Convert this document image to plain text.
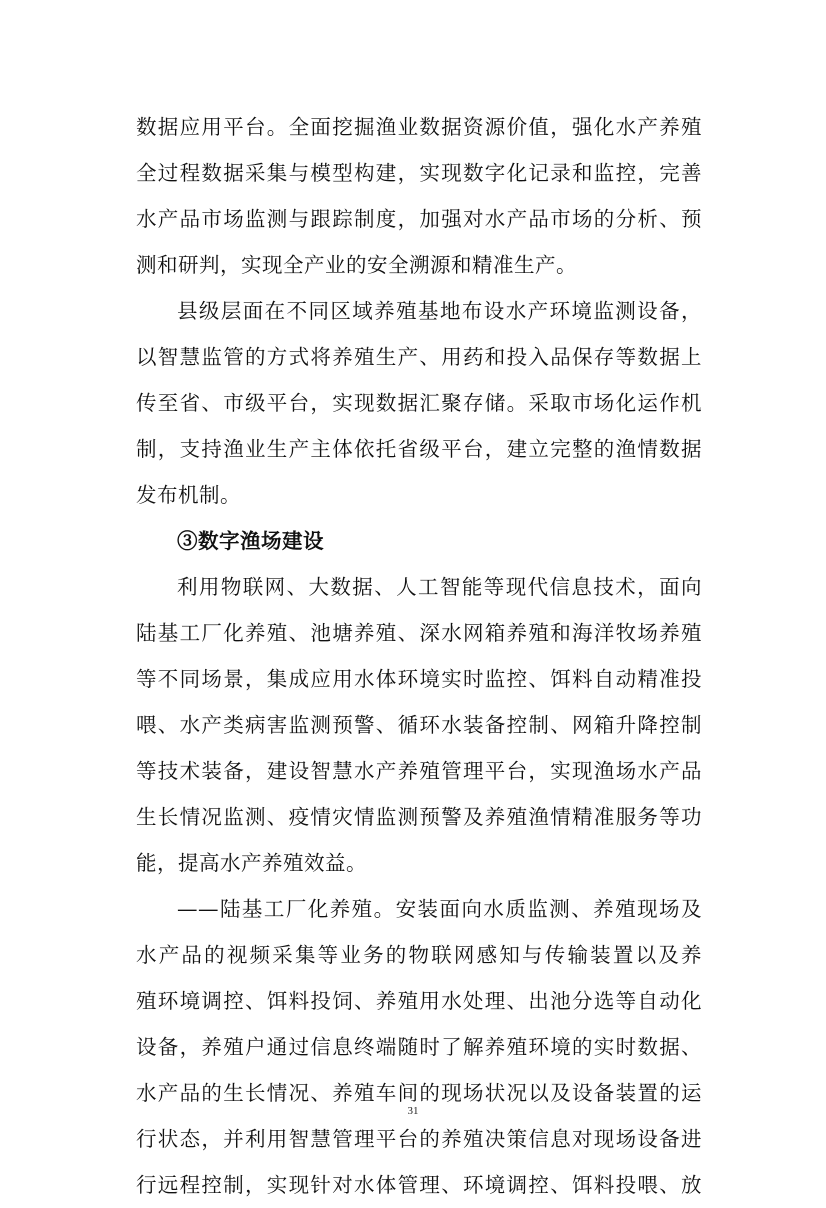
数据应用平台。全面挖掘渔业数据资源价值，强化水产养殖
全过程数据采集与模型构建，实现数字化记录和监控，完善
水产品市场监测与跟踪制度，加强对水产品市场的分析、预
测和研判，实现全产业的安全溯源和精准生产。
县级层面在不同区域养殖基地布设水产环境监测设备，
以智慧监管的方式将养殖生产、用药和投入品保存等数据上
传至省、市级平台，实现数据汇聚存储。采取市场化运作机
制，支持渔业生产主体依托省级平台，建立完整的渔情数据
发布机制。
③数字渔场建设
利用物联网、大数据、人工智能等现代信息技术，面向
陆基工厂化养殖、池塘养殖、深水网箱养殖和海洋牧场养殖
等不同场景，集成应用水体环境实时监控、饵料自动精准投
喂、水产类病害监测预警、循环水装备控制、网箱升降控制
等技术装备，建设智慧水产养殖管理平台，实现渔场水产品
生长情况监测、疫情灾情监测预警及养殖渔情精准服务等功
能，提高水产养殖效益。
——陆基工厂化养殖。安装面向水质监测、养殖现场及
水产品的视频采集等业务的物联网感知与传输装置以及养
殖环境调控、饵料投饲、养殖用水处理、出池分选等自动化
设备，养殖户通过信息终端随时了解养殖环境的实时数据、
水产品的生长情况、养殖车间的现场状况以及设备装置的运
行状态，并利用智慧管理平台的养殖决策信息对现场设备进
行远程控制，实现针对水体管理、环境调控、饵料投喂、放
31
